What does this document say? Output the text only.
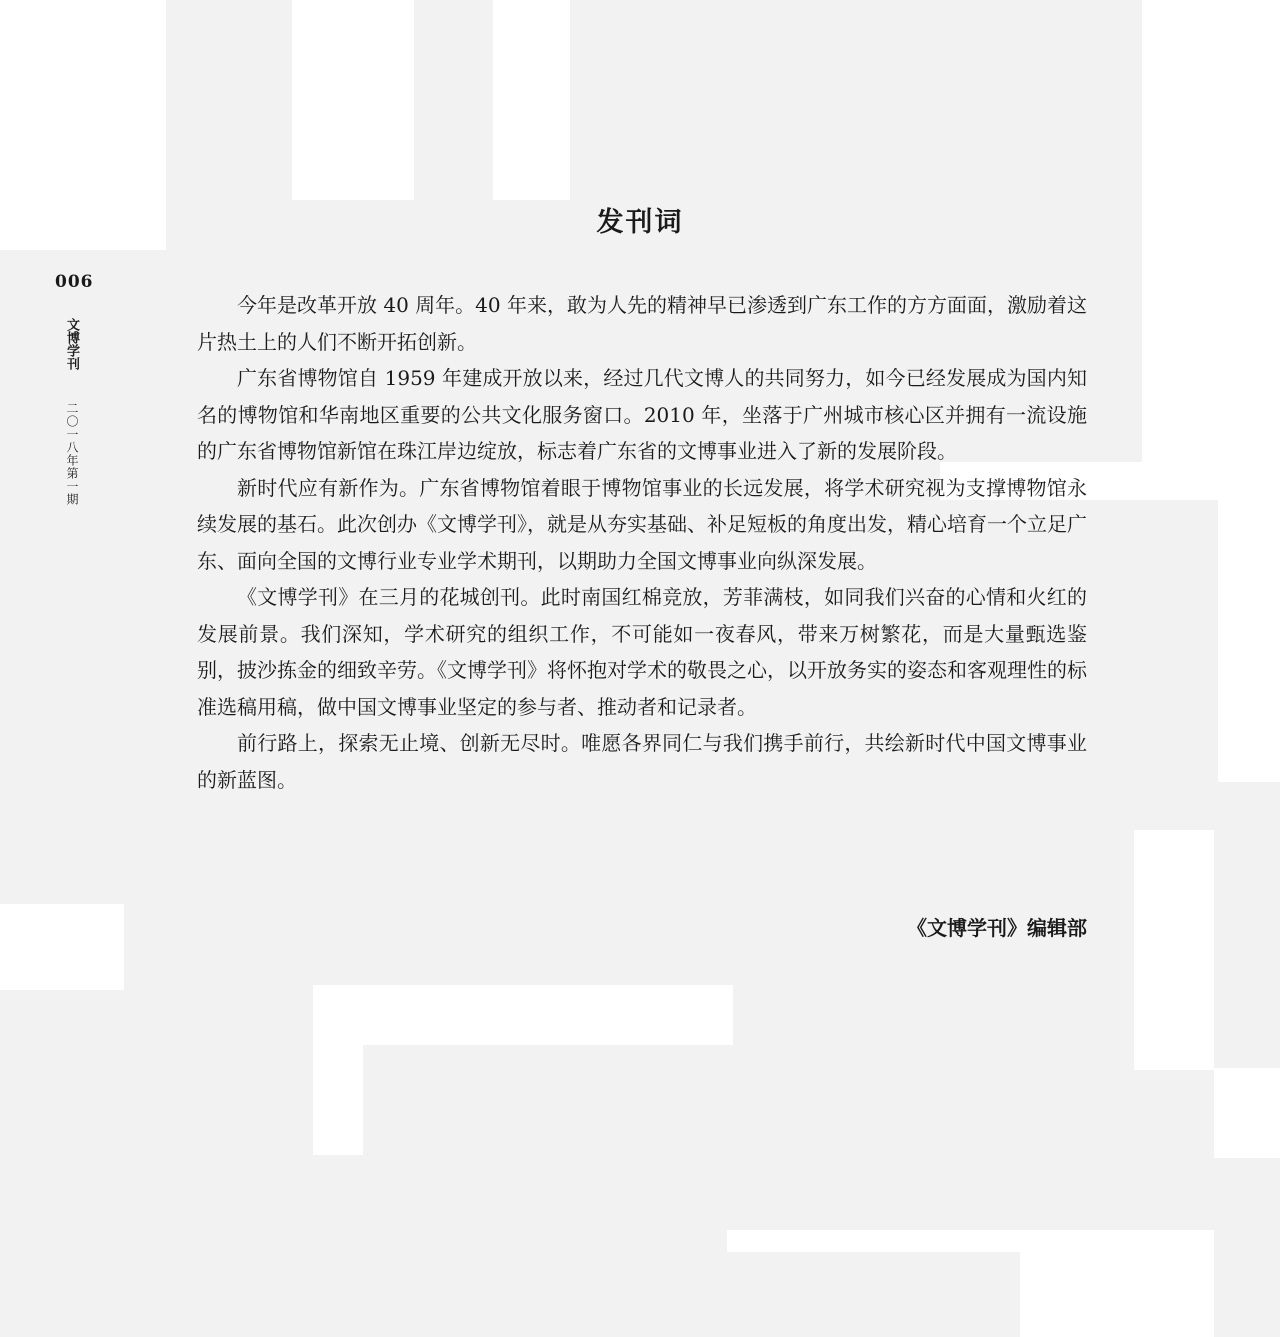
006
文博学刊
二〇一八年第一期
发刊词

今年是改革开放 40 周年。40 年来，敢为人先的精神早已渗透到广东工作的方方面面，激励着这片热土上的人们不断开拓创新。

广东省博物馆自 1959 年建成开放以来，经过几代文博人的共同努力，如今已经发展成为国内知名的博物馆和华南地区重要的公共文化服务窗口。2010 年，坐落于广州城市核心区并拥有一流设施的广东省博物馆新馆在珠江岸边绽放，标志着广东省的文博事业进入了新的发展阶段。

新时代应有新作为。广东省博物馆着眼于博物馆事业的长远发展，将学术研究视为支撑博物馆永续发展的基石。此次创办《文博学刊》，就是从夯实基础、补足短板的角度出发，精心培育一个立足广东、面向全国的文博行业专业学术期刊，以期助力全国文博事业向纵深发展。

《文博学刊》在三月的花城创刊。此时南国红棉竞放，芳菲满枝，如同我们兴奋的心情和火红的发展前景。我们深知，学术研究的组织工作，不可能如一夜春风，带来万树繁花，而是大量甄选鉴别，披沙拣金的细致辛劳。《文博学刊》将怀抱对学术的敬畏之心，以开放务实的姿态和客观理性的标准选稿用稿，做中国文博事业坚定的参与者、推动者和记录者。

前行路上，探索无止境、创新无尽时。唯愿各界同仁与我们携手前行，共绘新时代中国文博事业的新蓝图。

《文博学刊》编辑部
